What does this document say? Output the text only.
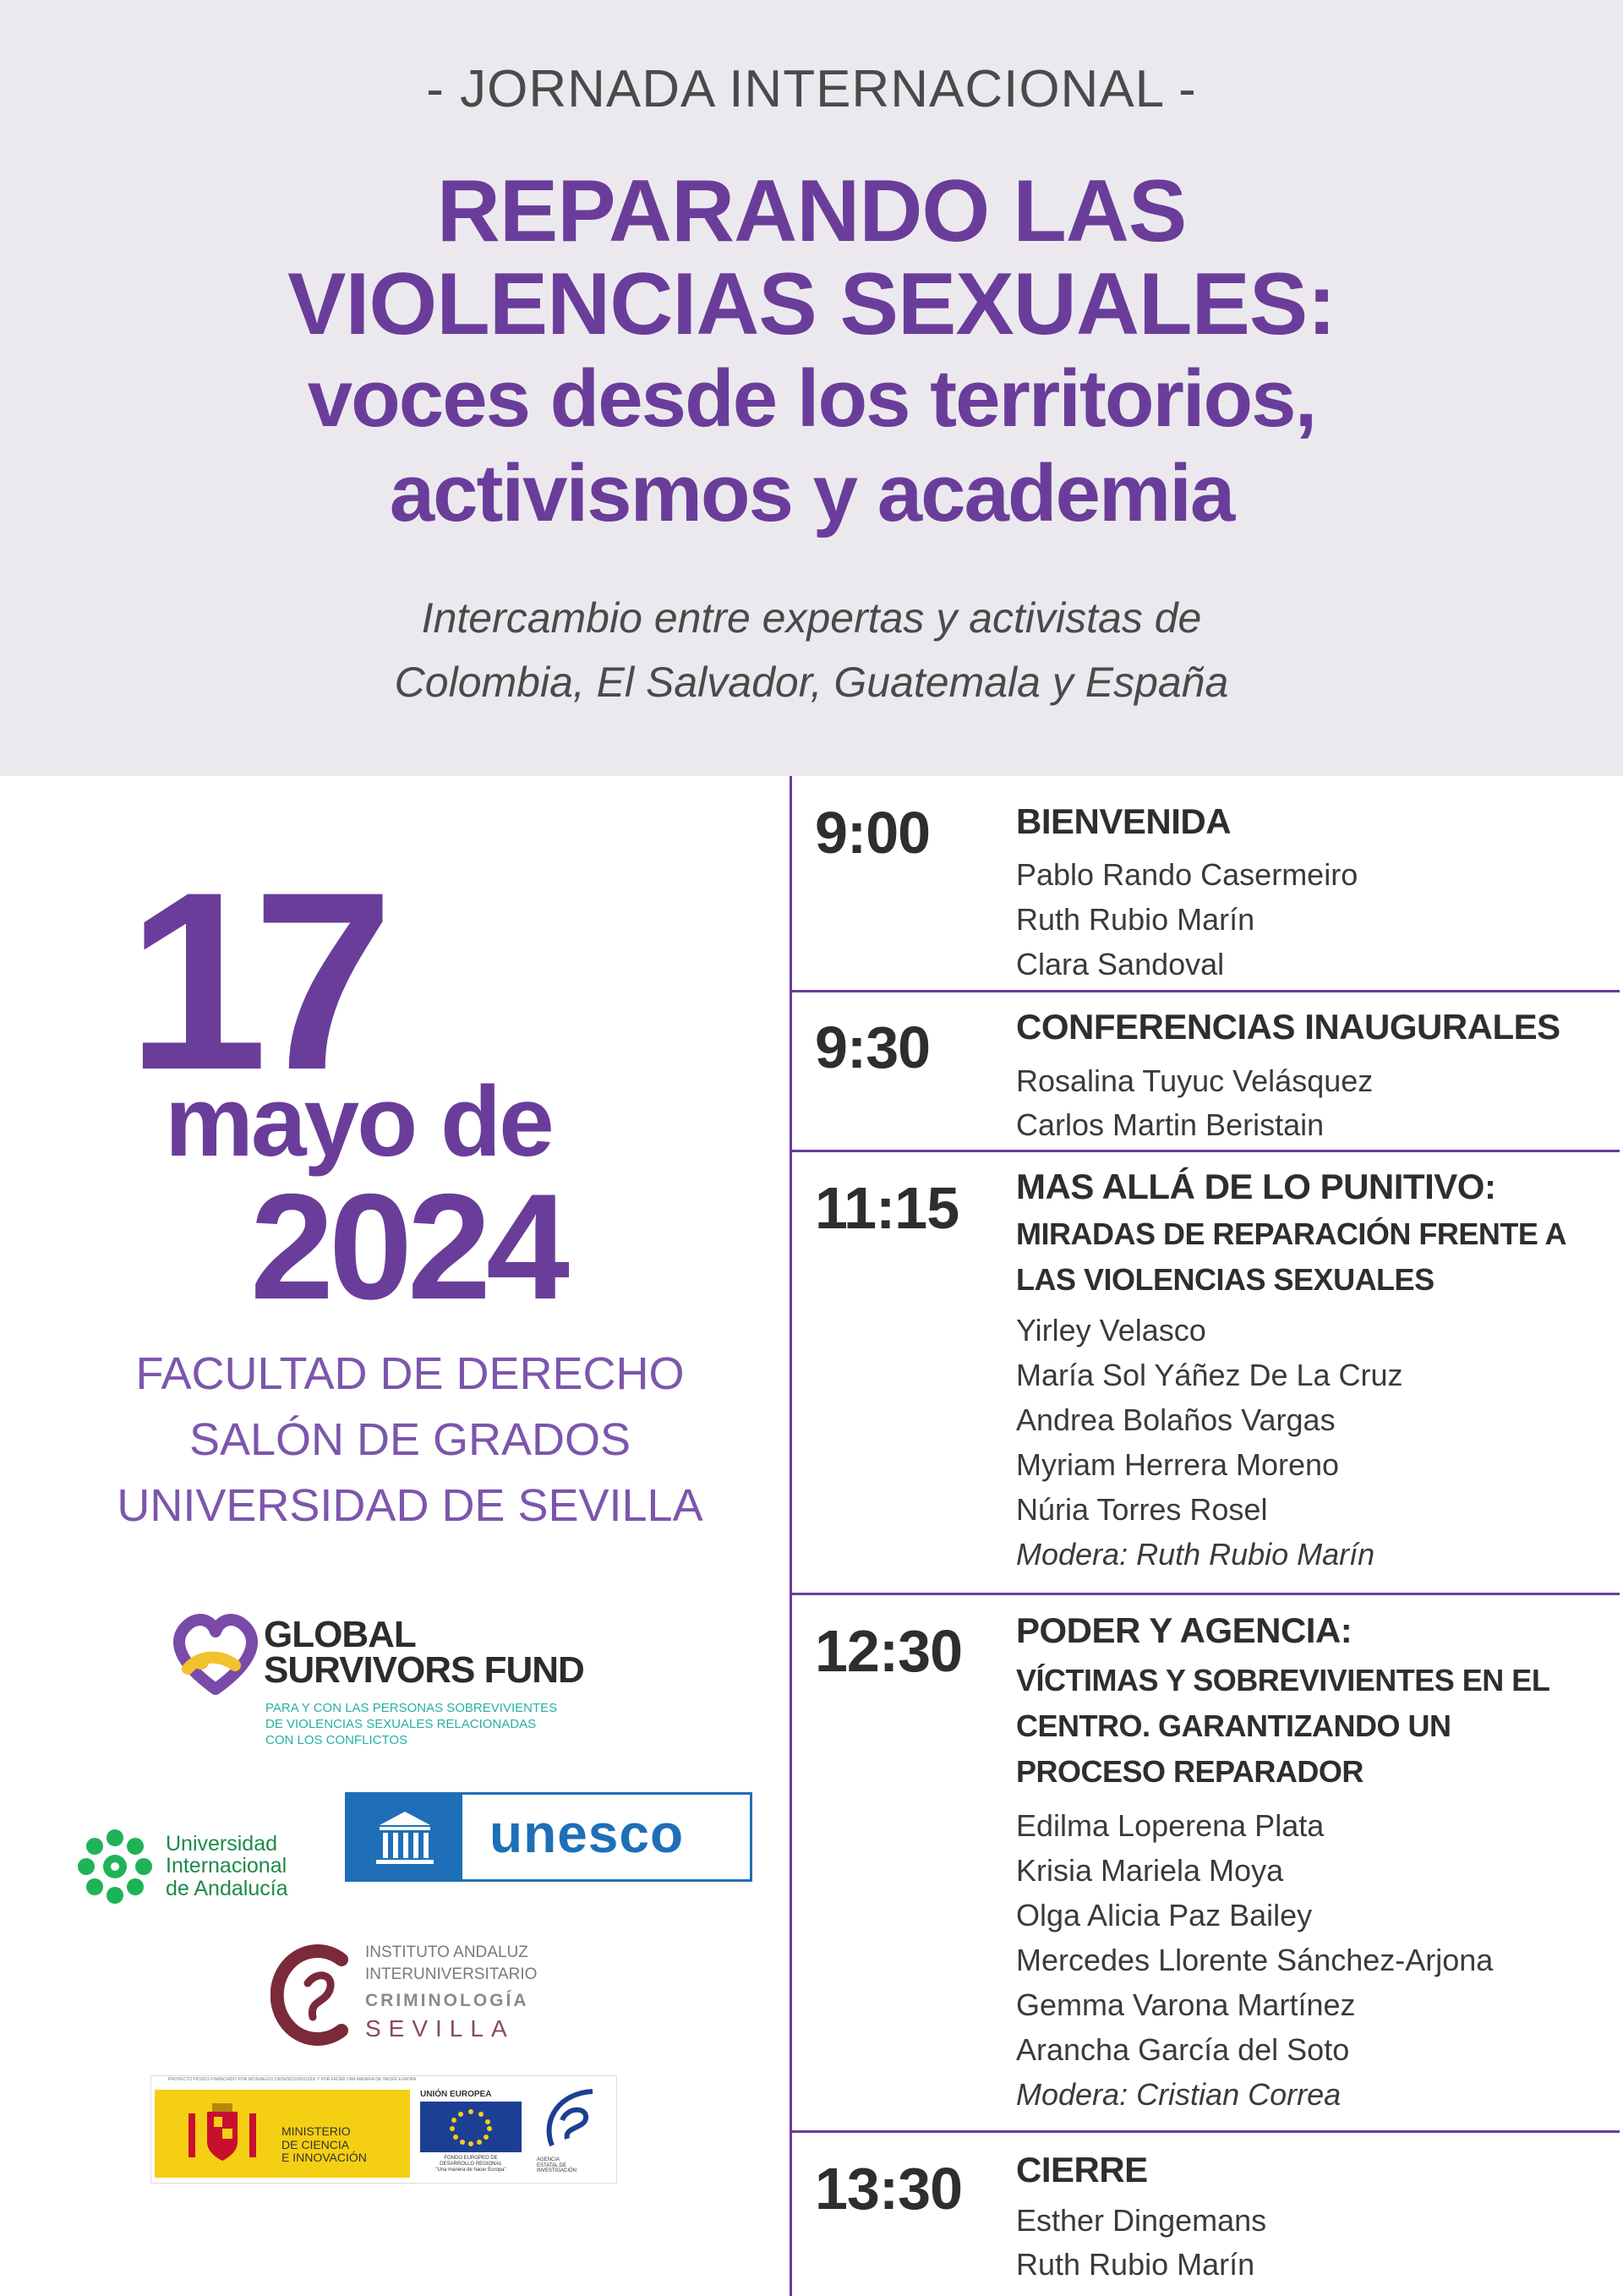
- JORNADA INTERNACIONAL -
REPARANDO LAS
VIOLENCIAS SEXUALES:
voces desde los territorios,
activismos y academia
Intercambio entre expertas y activistas de
Colombia, El Salvador, Guatemala y España
17
mayo de
2024
FACULTAD DE DERECHO
SALÓN DE GRADOS
UNIVERSIDAD DE SEVILLA
GLOBAL
SURVIVORS FUND
PARA Y CON LAS PERSONAS SOBREVIVIENTES
DE VIOLENCIAS SEXUALES RELACIONADAS
CON LOS CONFLICTOS
Universidad
Internacional
de Andalucía
unesco
INSTITUTO ANDALUZ
INTERUNIVERSITARIO
CRIMINOLOGÍA
SEVILLA
PROYECTO PID2021 FINANCIADO POR MCIN/AEI/10.13039/501100011033/ Y POR FEDER UNA MANERA DE HACER EUROPA
MINISTERIO
DE CIENCIA
E INNOVACIÓN
UNIÓN EUROPEA
FONDO EUROPEO DE
DESARROLLO REGIONAL
"Una manera de hacer Europa"
AGENCIA
ESTATAL DE
INVESTIGACIÓN
9:00 BIENVENIDA
Pablo Rando Casermeiro
Ruth Rubio Marín
Clara Sandoval
9:30 CONFERENCIAS INAUGURALES
Rosalina Tuyuc Velásquez
Carlos Martin Beristain
11:15 MAS ALLÁ DE LO PUNITIVO:
MIRADAS DE REPARACIÓN FRENTE A
LAS VIOLENCIAS SEXUALES
Yirley Velasco
María Sol Yáñez De La Cruz
Andrea Bolaños Vargas
Myriam Herrera Moreno
Núria Torres Rosel
Modera: Ruth Rubio Marín
12:30 PODER Y AGENCIA:
VÍCTIMAS Y SOBREVIVIENTES EN EL
CENTRO. GARANTIZANDO UN
PROCESO REPARADOR
Edilma Loperena Plata
Krisia Mariela Moya
Olga Alicia Paz Bailey
Mercedes Llorente Sánchez-Arjona
Gemma Varona Martínez
Arancha García del Soto
Modera: Cristian Correa
13:30 CIERRE
Esther Dingemans
Ruth Rubio Marín
